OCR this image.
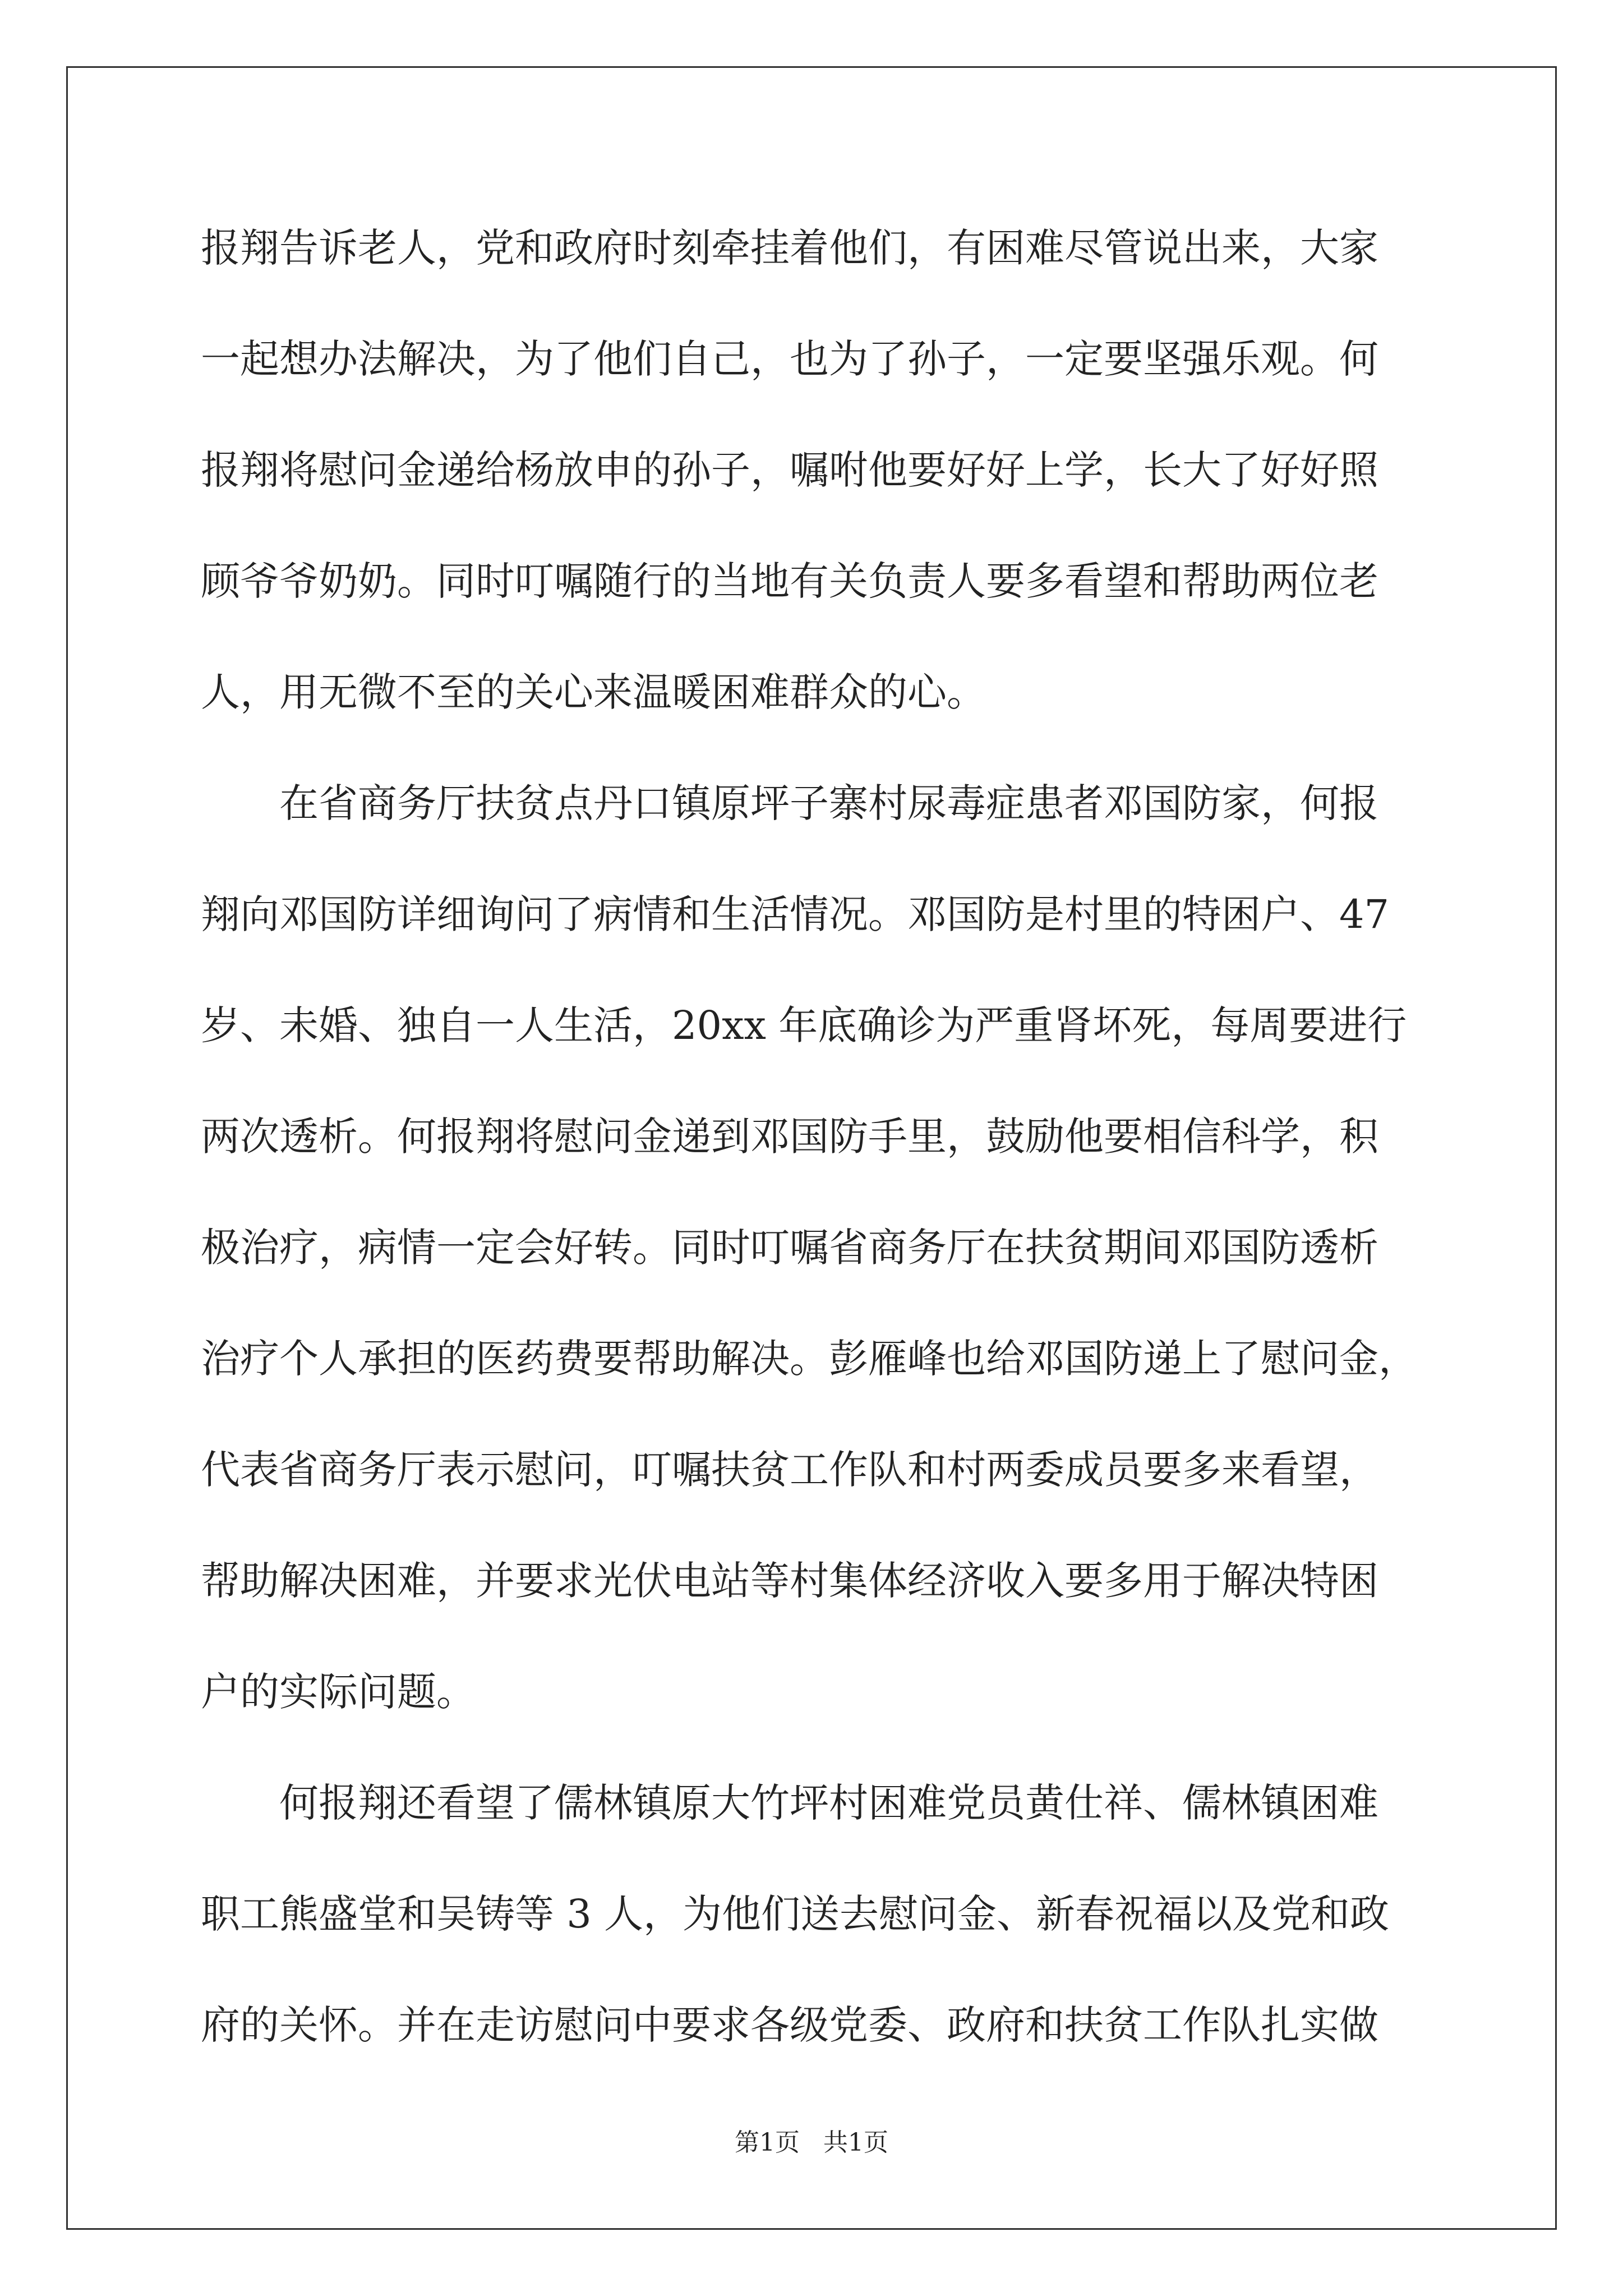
报翔告诉老人，党和政府时刻牵挂着他们，有困难尽管说出来，大家
一起想办法解决，为了他们自己，也为了孙子，一定要坚强乐观。何
报翔将慰问金递给杨放申的孙子，嘱咐他要好好上学，长大了好好照
顾爷爷奶奶。同时叮嘱随行的当地有关负责人要多看望和帮助两位老
人，用无微不至的关心来温暖困难群众的心。
　　在省商务厅扶贫点丹口镇原坪子寨村尿毒症患者邓国防家，何报
翔向邓国防详细询问了病情和生活情况。邓国防是村里的特困户、47
岁、未婚、独自一人生活，20xx 年底确诊为严重肾坏死，每周要进行
两次透析。何报翔将慰问金递到邓国防手里，鼓励他要相信科学，积
极治疗，病情一定会好转。同时叮嘱省商务厅在扶贫期间邓国防透析
治疗个人承担的医药费要帮助解决。彭雁峰也给邓国防递上了慰问金，
代表省商务厅表示慰问，叮嘱扶贫工作队和村两委成员要多来看望，
帮助解决困难，并要求光伏电站等村集体经济收入要多用于解决特困
户的实际问题。
　　何报翔还看望了儒林镇原大竹坪村困难党员黄仕祥、儒林镇困难
职工熊盛堂和吴铸等 3 人，为他们送去慰问金、新春祝福以及党和政
府的关怀。并在走访慰问中要求各级党委、政府和扶贫工作队扎实做
第1页 共1页
